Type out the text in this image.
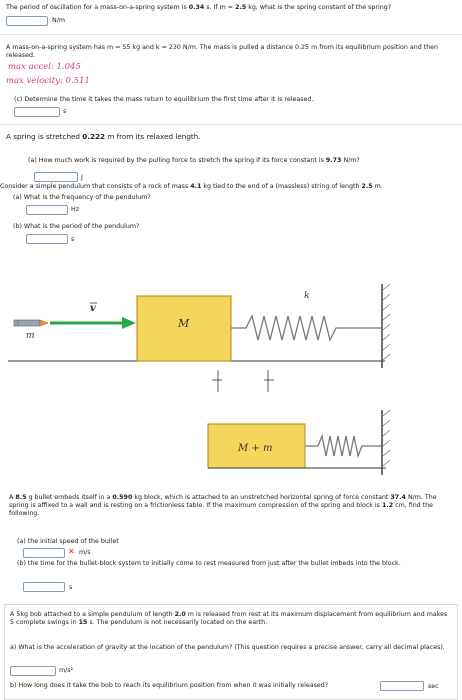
The period of oscillation for a mass-on-a-spring system is 0.34 s. If m = 2.5 kg, what is the spring constant of the spring?
N/m
A mass-on-a-spring system has m = 55 kg and k = 230 N/m. The mass is pulled a distance 0.25 m from its equilibrium position and then released.
max accel: 1.045
max velocity: 0.511
(c) Determine the time it takes the mass return to equilibrium the first time after it is released.
s
A spring is stretched 0.222 m from its relaxed length.
(a) How much work is required by the pulling force to stretch the spring if its force constant is 9.73 N/m?
J
Consider a simple pendulum that consists of a rock of mass 4.1 kg tied to the end of a (massless) string of length 2.5 m.
(a) What is the frequency of the pendulum?
Hz
(b) What is the period of the pendulum?
s
m
v
M
k
M + m
A 8.5 g bullet embeds itself in a 0.590 kg block, which is attached to an unstretched horizontal spring of force constant 37.4 N/m. The spring is affixed to a wall and is resting on a frictionless table. If the maximum compression of the spring and block is 1.2 cm, find the following.
(a) the initial speed of the bullet
✕ m/s
(b) the time for the bullet-block system to initially come to rest measured from just after the bullet imbeds into the block.
s
A 5kg bob attached to a simple pendulum of length 2.0 m is released from rest at its maximum displacement from equilibrium and makes 5 complete swings in 15 s. The pendulum is not necessarily located on the earth.
a) What is the acceleration of gravity at the location of the pendulum? (This question requires a precise answer, carry all decimal places).
m/s²
b) How long does it take the bob to reach its equilibrium position from when it was initially released?	sec
